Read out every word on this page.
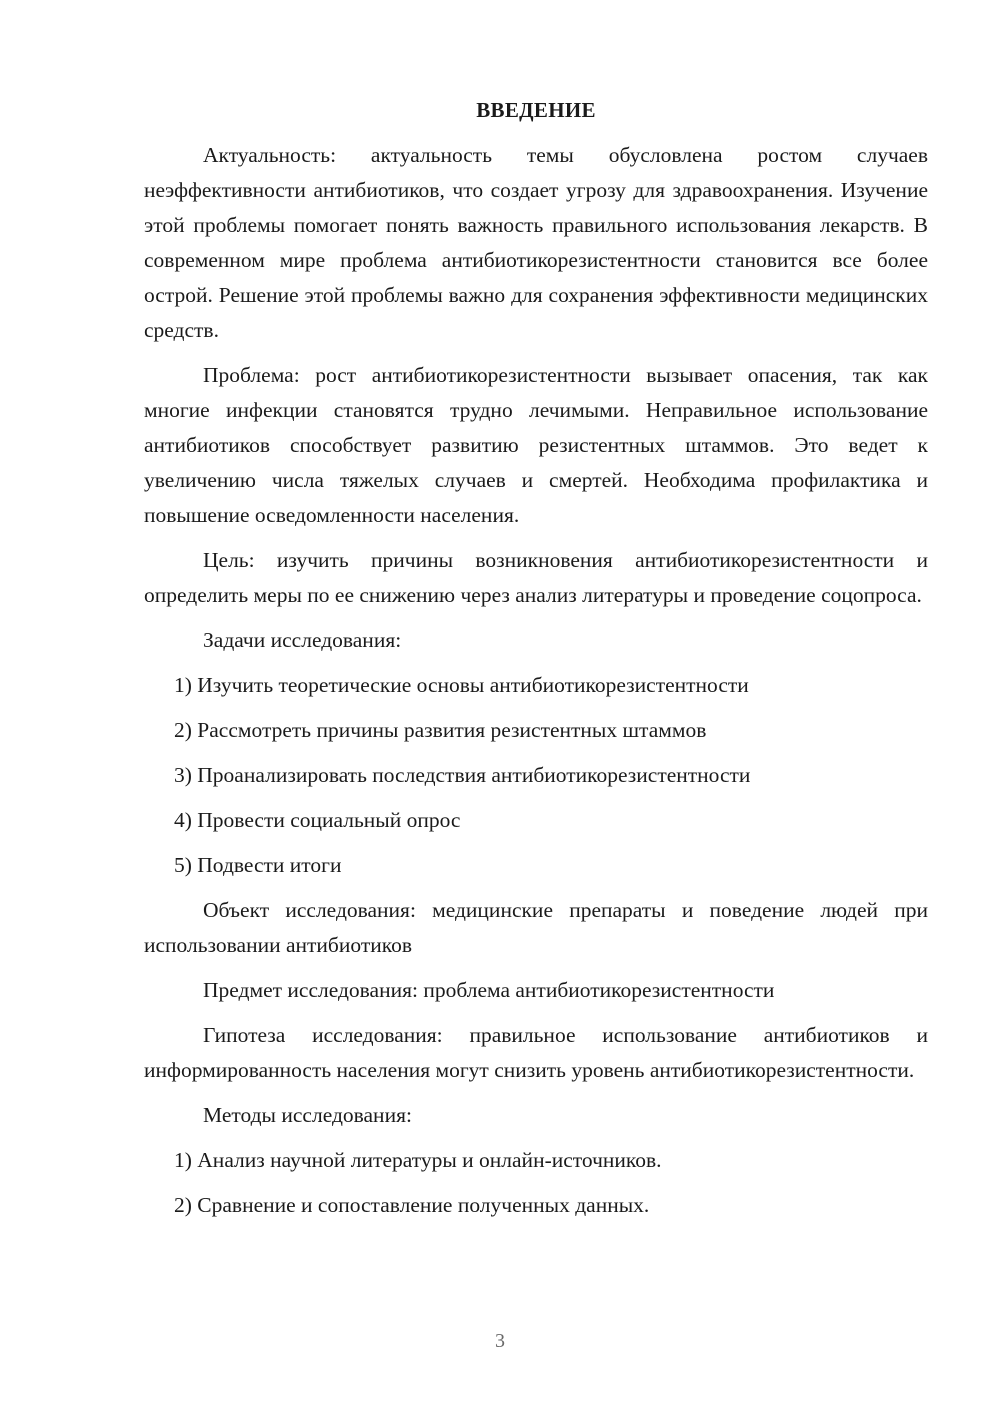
ВВЕДЕНИЕ

Актуальность: актуальность темы обусловлена ростом случаев неэффективности антибиотиков, что создает угрозу для здравоохранения. Изучение этой проблемы помогает понять важность правильного использования лекарств. В современном мире проблема антибиотикорезистентности становится все более острой. Решение этой проблемы важно для сохранения эффективности медицинских средств.

Проблема: рост антибиотикорезистентности вызывает опасения, так как многие инфекции становятся трудно лечимыми. Неправильное использование антибиотиков способствует развитию резистентных штаммов. Это ведет к увеличению числа тяжелых случаев и смертей. Необходима профилактика и повышение осведомленности населения.

Цель: изучить причины возникновения антибиотикорезистентности и определить меры по ее снижению через анализ литературы и проведение соцопроса.

Задачи исследования:

1) Изучить теоретические основы антибиотикорезистентности
2) Рассмотреть причины развития резистентных штаммов
3) Проанализировать последствия антибиотикорезистентности
4) Провести социальный опрос
5) Подвести итоги

Объект исследования: медицинские препараты и поведение людей при использовании антибиотиков

Предмет исследования: проблема антибиотикорезистентности

Гипотеза исследования: правильное использование антибиотиков и информированность населения могут снизить уровень антибиотикорезистентности.

Методы исследования:

1) Анализ научной литературы и онлайн-источников.
2) Сравнение и сопоставление полученных данных.
3
